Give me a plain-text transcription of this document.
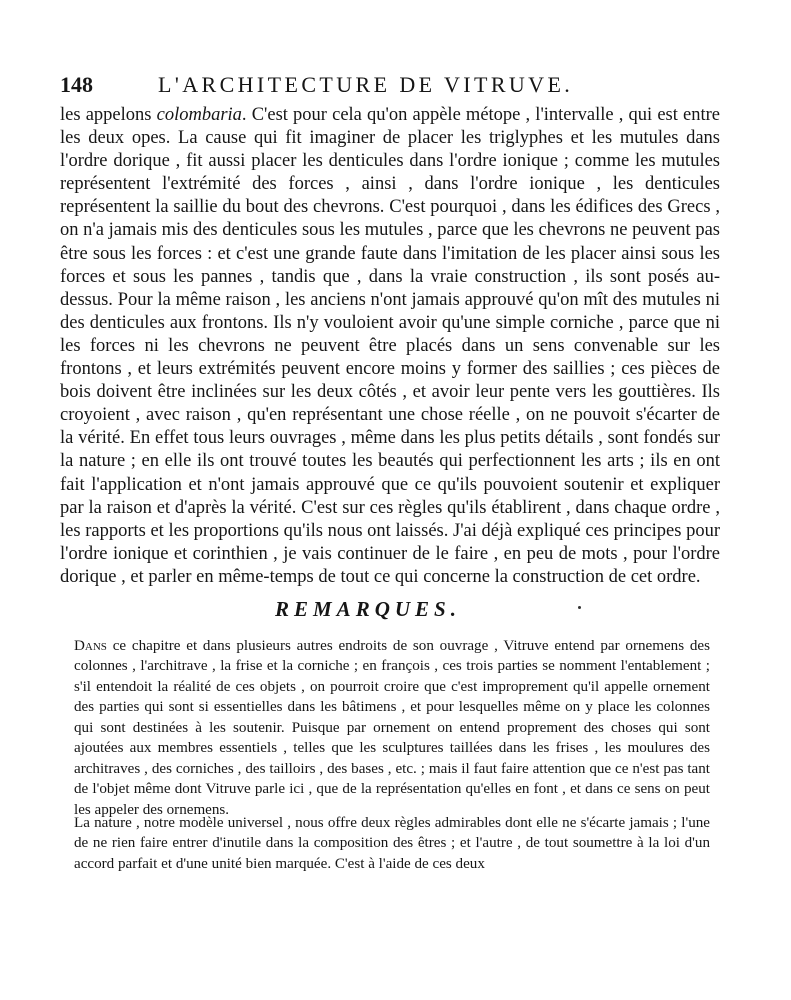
148	L'ARCHITECTURE DE VITRUVE.

les appelons colombaria. C'est pour cela qu'on appèle métope , l'intervalle , qui est entre les deux opes. La cause qui fit imaginer de placer les triglyphes et les mutules dans l'ordre dorique , fit aussi placer les denticules dans l'ordre ionique ; comme les mutules représentent l'extrémité des forces , ainsi , dans l'ordre ionique , les denticules représentent la saillie du bout des chevrons. C'est pourquoi , dans les édifices des Grecs , on n'a jamais mis des denticules sous les mutules , parce que les chevrons ne peuvent pas être sous les forces : et c'est une grande faute dans l'imitation de les placer ainsi sous les forces et sous les pannes , tandis que , dans la vraie construction , ils sont posés au-dessus. Pour la même raison , les anciens n'ont jamais approuvé qu'on mît des mutules ni des denticules aux frontons. Ils n'y vouloient avoir qu'une simple corniche , parce que ni les forces ni les chevrons ne peuvent être placés dans un sens convenable sur les frontons , et leurs extrémités peuvent encore moins y former des saillies ; ces pièces de bois doivent être inclinées sur les deux côtés , et avoir leur pente vers les gouttières. Ils croyoient , avec raison , qu'en représentant une chose réelle , on ne pouvoit s'écarter de la vérité. En effet tous leurs ouvrages , même dans les plus petits détails , sont fondés sur la nature ; en elle ils ont trouvé toutes les beautés qui perfectionnent les arts ; ils en ont fait l'application et n'ont jamais approuvé que ce qu'ils pouvoient soutenir et expliquer par la raison et d'après la vérité. C'est sur ces règles qu'ils établirent , dans chaque ordre , les rapports et les proportions qu'ils nous ont laissés. J'ai déjà expliqué ces principes pour l'ordre ionique et corinthien , je vais continuer de le faire , en peu de mots , pour l'ordre dorique , et parler en même-temps de tout ce qui concerne la construction de cet ordre.

REMARQUES.

Dans ce chapitre et dans plusieurs autres endroits de son ouvrage , Vitruve entend par ornemens des colonnes , l'architrave , la frise et la corniche ; en françois , ces trois parties se nomment l'entablement ; s'il entendoit la réalité de ces objets , on pourroit croire que c'est improprement qu'il appelle ornement des parties qui sont si essentielles dans les bâtimens , et pour lesquelles même on y place les colonnes qui sont destinées à les soutenir. Puisque par ornement on entend proprement des choses qui sont ajoutées aux membres essentiels , telles que les sculptures taillées dans les frises , les moulures des architraves , des corniches , des tailloirs , des bases , etc. ; mais il faut faire attention que ce n'est pas tant de l'objet même dont Vitruve parle ici , que de la représentation qu'elles en font , et dans ce sens on peut les appeler des ornemens.

La nature , notre modèle universel , nous offre deux règles admirables dont elle ne s'écarte jamais ; l'une de ne rien faire entrer d'inutile dans la composition des êtres ; et l'autre , de tout soumettre à la loi d'un accord parfait et d'une unité bien marquée. C'est à l'aide de ces deux
